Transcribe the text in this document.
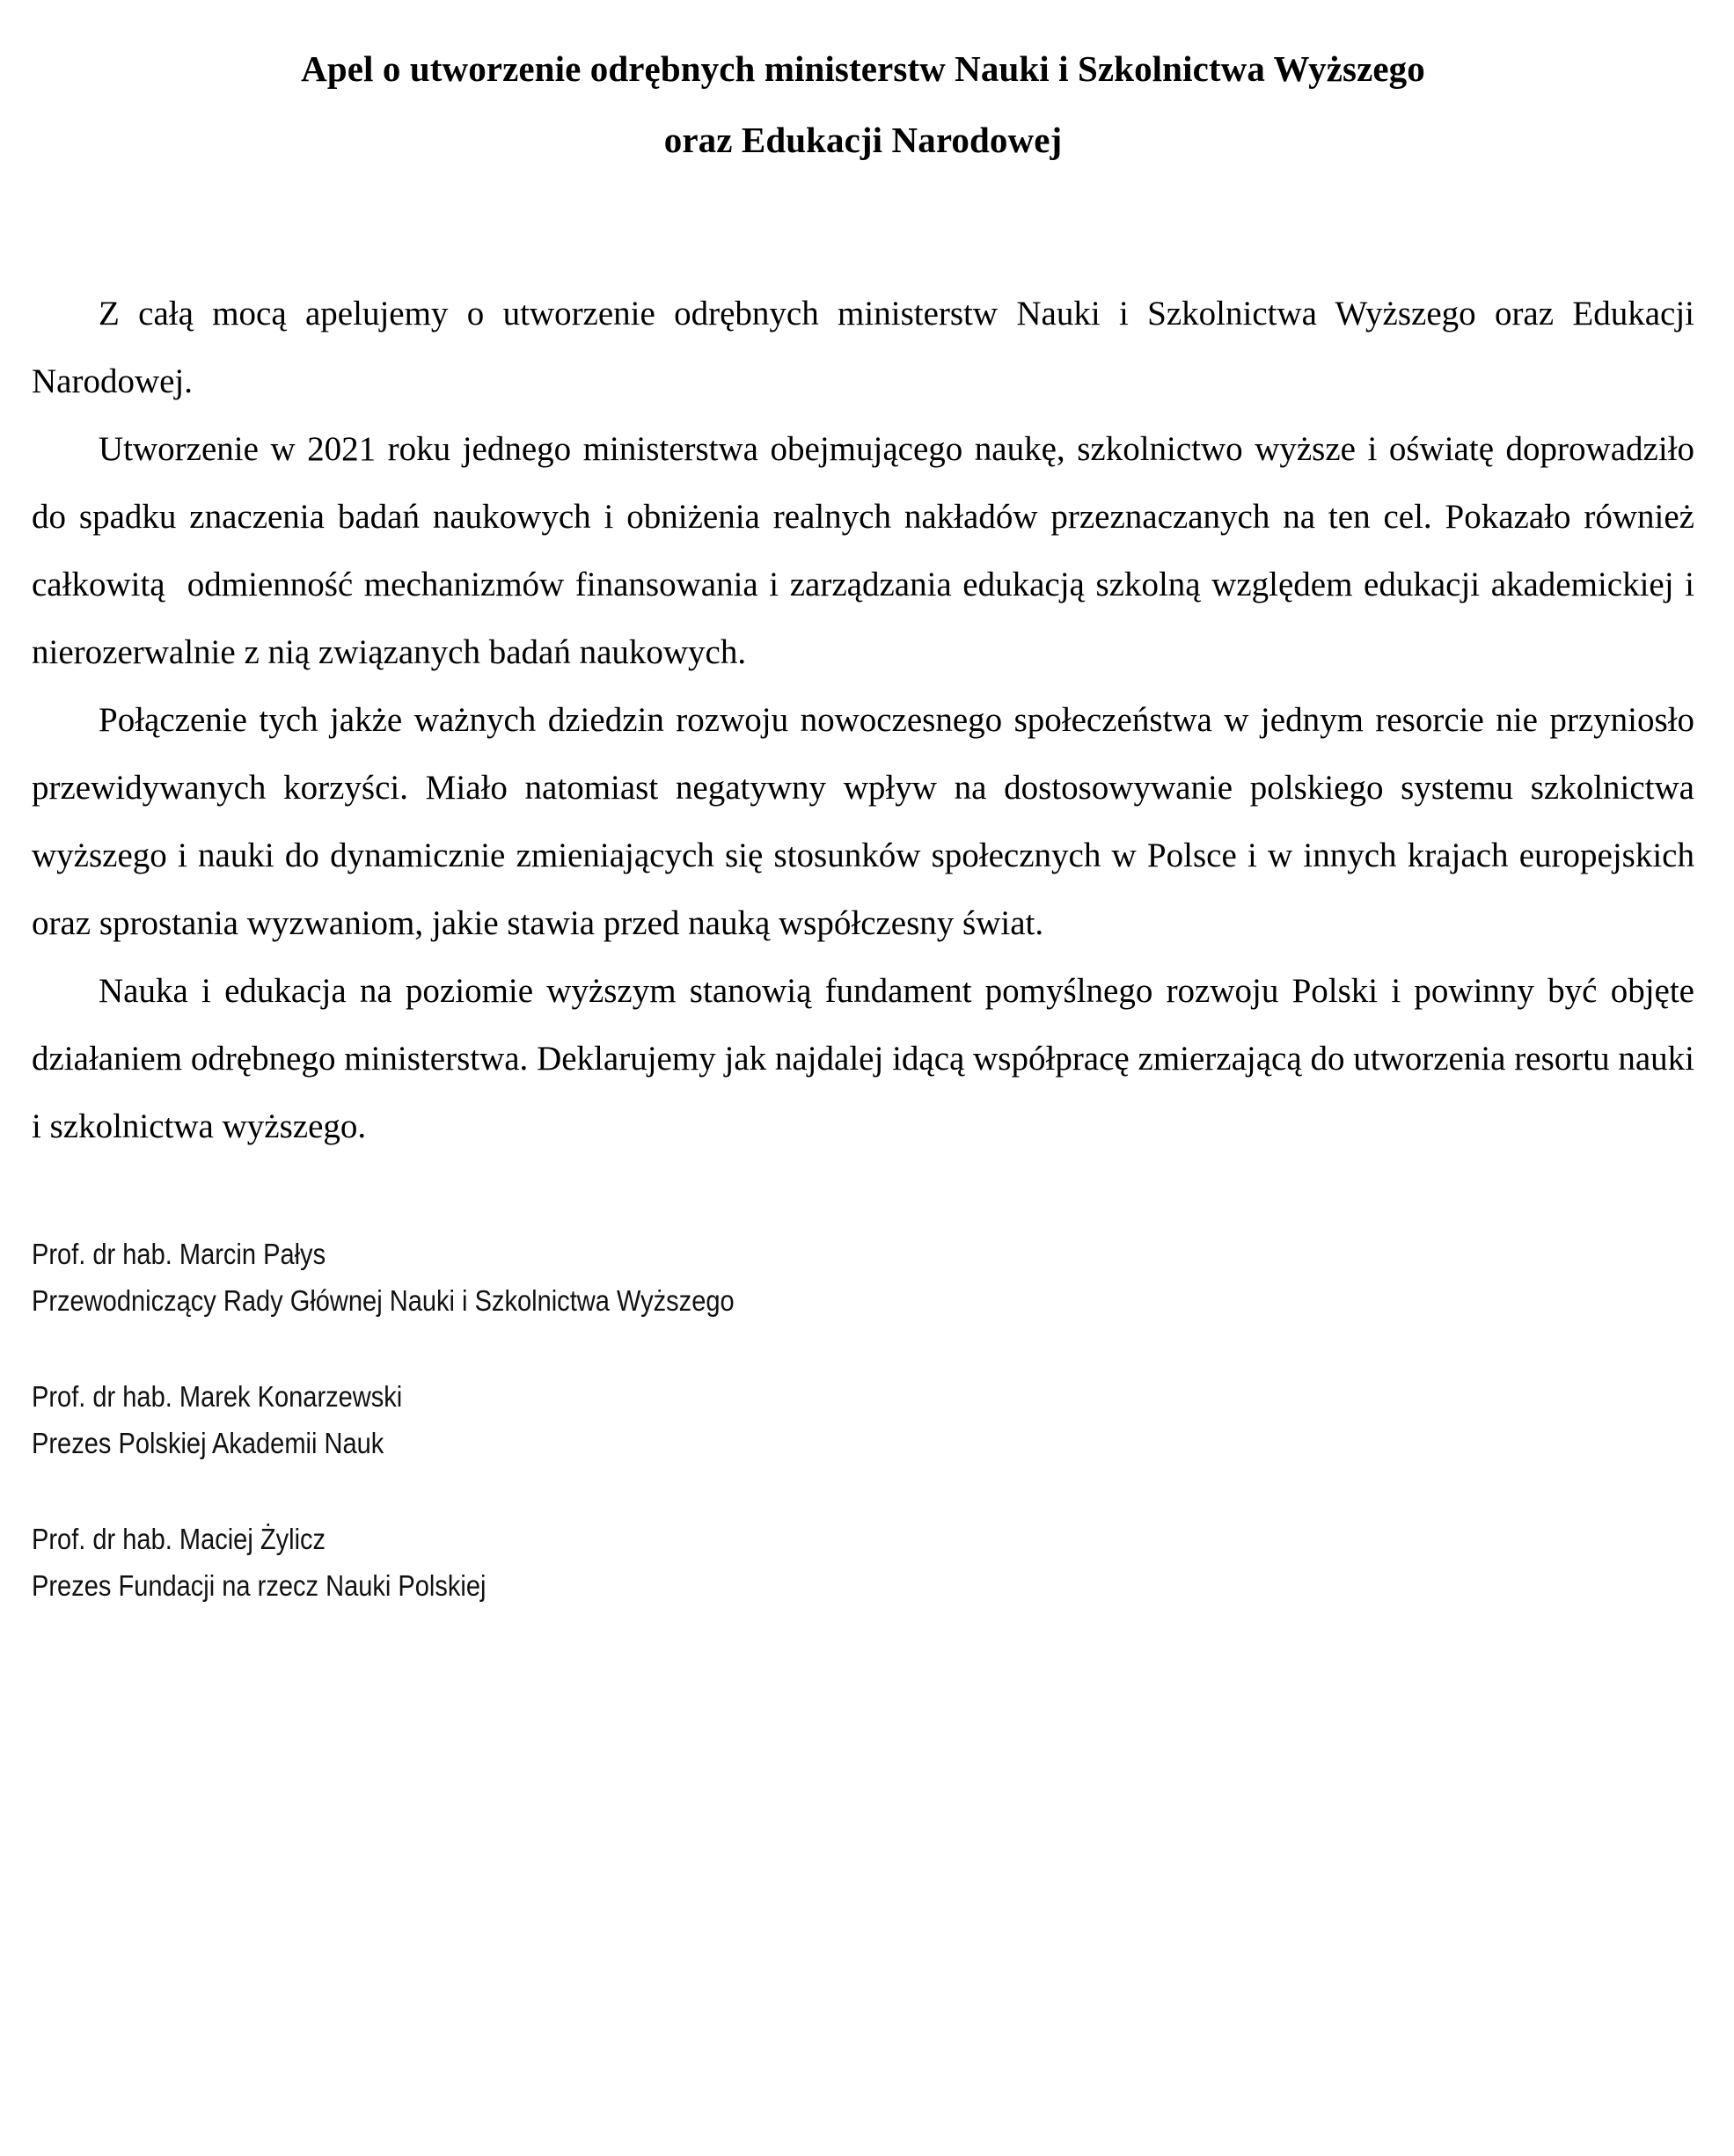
Apel o utworzenie odrębnych ministerstw Nauki i Szkolnictwa Wyższego
oraz Edukacji Narodowej

Z całą mocą apelujemy o utworzenie odrębnych ministerstw Nauki i Szkolnictwa Wyższego oraz Edukacji Narodowej.

Utworzenie w 2021 roku jednego ministerstwa obejmującego naukę, szkolnictwo wyższe i oświatę doprowadziło do spadku znaczenia badań naukowych i obniżenia realnych nakładów przeznaczanych na ten cel. Pokazało również całkowitą  odmienność mechanizmów finansowania i zarządzania edukacją szkolną względem edukacji akademickiej i nierozerwalnie z nią związanych badań naukowych.

Połączenie tych jakże ważnych dziedzin rozwoju nowoczesnego społeczeństwa w jednym resorcie nie przyniosło przewidywanych korzyści. Miało natomiast negatywny wpływ na dostosowywanie polskiego systemu szkolnictwa wyższego i nauki do dynamicznie zmieniających się stosunków społecznych w Polsce i w innych krajach europejskich oraz sprostania wyzwaniom, jakie stawia przed nauką współczesny świat.

Nauka i edukacja na poziomie wyższym stanowią fundament pomyślnego rozwoju Polski i powinny być objęte działaniem odrębnego ministerstwa. Deklarujemy jak najdalej idącą współpracę zmierzającą do utworzenia resortu nauki i szkolnictwa wyższego.

Prof. dr hab. Marcin Pałys
Przewodniczący Rady Głównej Nauki i Szkolnictwa Wyższego
Prof. dr hab. Marek Konarzewski
Prezes Polskiej Akademii Nauk
Prof. dr hab. Maciej Żylicz
Prezes Fundacji na rzecz Nauki Polskiej
